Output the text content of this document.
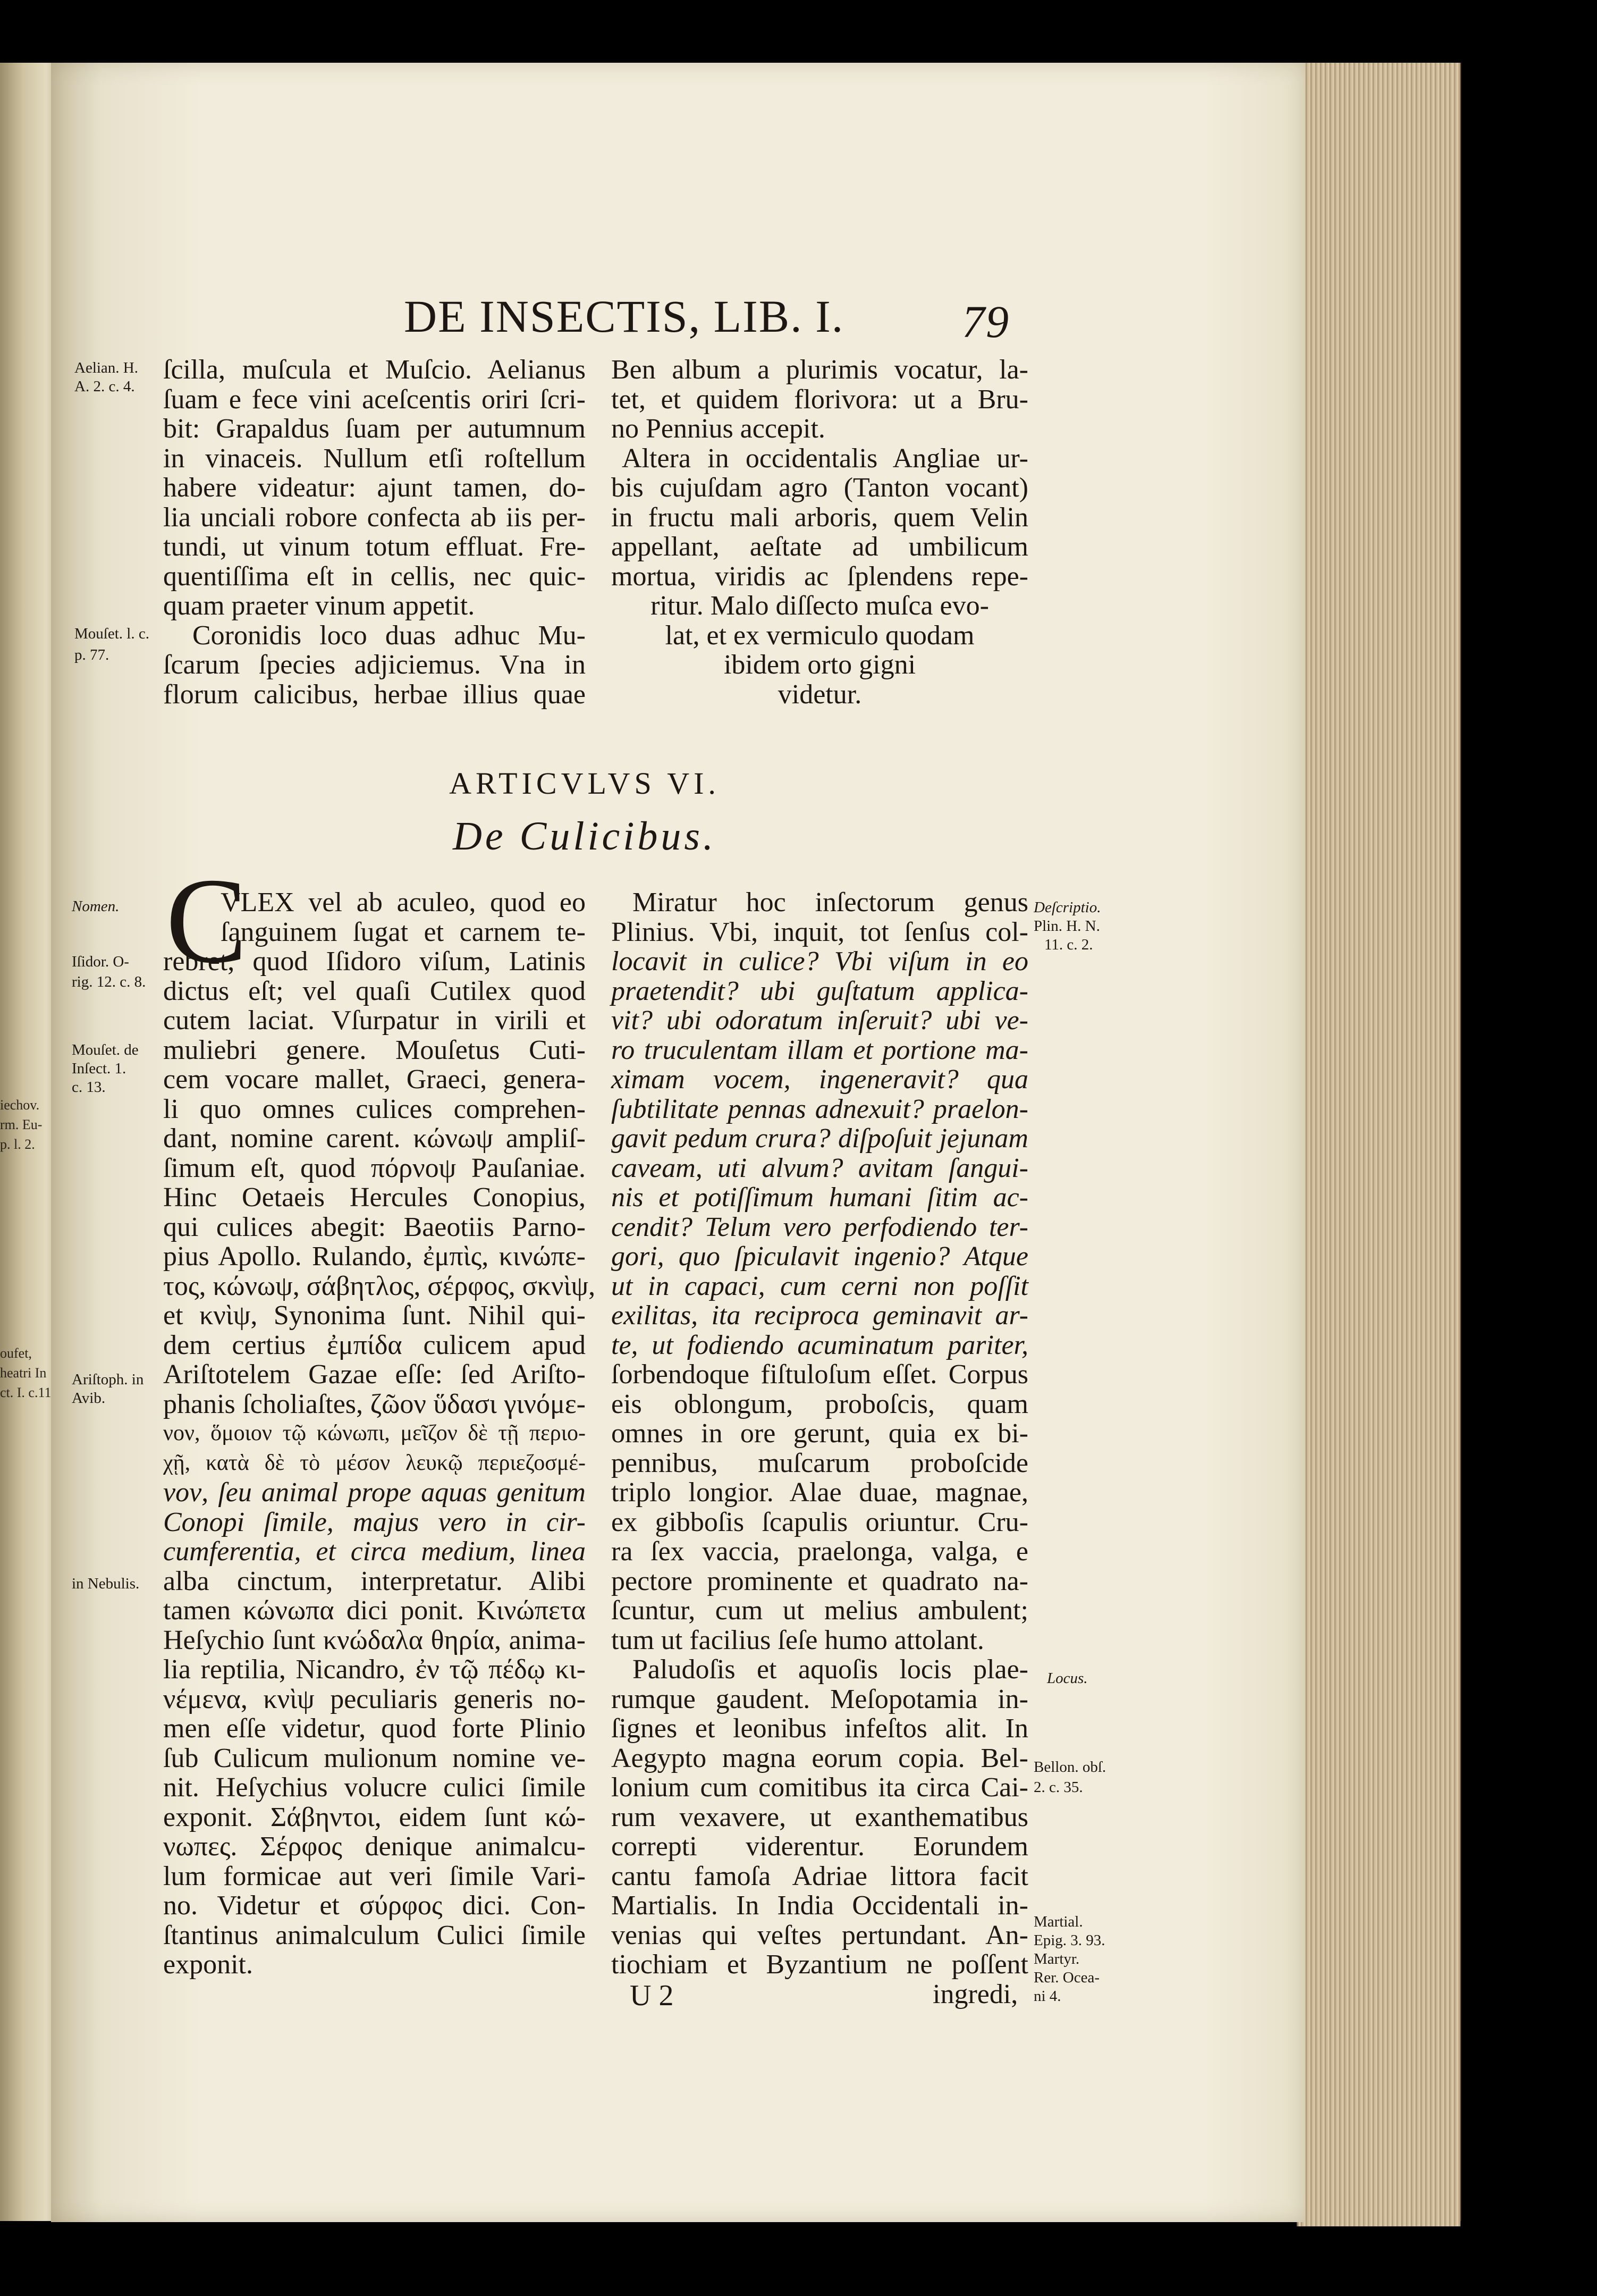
iechov.
rm. Eu-
p. l. 2.
oufet,
heatri In
ct. I. c.11
DE INSECTIS, LIB. I.	79
Aelian. H.
A. 2. c. 4.
Mouſet. l. c.
p. 77.
ſcilla, muſcula et Muſcio. Aelianus
ſuam e fece vini aceſcentis oriri ſcri-
bit: Grapaldus ſuam per autumnum
in vinaceis. Nullum etſi roſtellum
habere videatur: ajunt tamen, do-
lia unciali robore confecta ab iis per-
tundi, ut vinum totum effluat. Fre-
quentiſſima eſt in cellis, nec quic-
quam praeter vinum appetit.
Coronidis loco duas adhuc Mu-
ſcarum ſpecies adjiciemus. Vna in
florum calicibus, herbae illius quae
Ben album a plurimis vocatur, la-
tet, et quidem florivora: ut a Bru-
no Pennius accepit.
Altera in occidentalis Angliae ur-
bis cujuſdam agro (Tanton vocant)
in fructu mali arboris, quem Velin
appellant, aeſtate ad umbilicum
mortua, viridis ac ſplendens repe-
ritur. Malo diſſecto muſca evo-
lat, et ex vermiculo quodam
ibidem orto gigni
videtur.
ARTICVLVS VI.
De Culicibus.
Nomen.
Iſidor. O-
rig. 12. c. 8.
Mouſet. de
Inſect. 1.
c. 13.
Ariſtoph. in
Avib.
in Nebulis.
C
VLEX vel ab aculeo, quod eo
ſanguinem ſugat et carnem te-
rebret, quod Iſidoro viſum, Latinis
dictus eſt; vel quaſi Cutilex quod
cutem laciat. Vſurpatur in virili et
muliebri genere. Mouſetus Cuti-
cem vocare mallet, Graeci, genera-
li quo omnes culices comprehen-
dant, nomine carent. κώνωψ ampliſ-
ſimum eſt, quod πόρνοψ Pauſaniae.
Hinc Oetaeis Hercules Conopius,
qui culices abegit: Baeotiis Parno-
pius Apollo. Rulando, ἐμπὶς, κινώπε-
τος, κώνωψ, σάβητλος, σέρφος, σκνὶψ,
et κνὶψ, Synonima ſunt. Nihil qui-
dem certius ἐμπίδα culicem apud
Ariſtotelem Gazae eſſe: ſed Ariſto-
phanis ſcholiaſtes, ζῶον ὕδασι γινόμε-
νον, ὅμοιον τῷ κώνωπι, μεῖζον δὲ τῇ περιο-
χῇ, κατὰ δὲ τὸ μέσον λευκῷ περιεζοσμέ-
νον, ſeu animal prope aquas genitum
Conopi ſimile, majus vero in cir-
cumferentia, et circa medium, linea
alba cinctum, interpretatur. Alibi
tamen κώνωπα dici ponit. Κινώπετα
Heſychio ſunt κνώδαλα θηρία, anima-
lia reptilia, Nicandro, ἐν τῷ πέδῳ κι-
νέμενα, κνὶψ peculiaris generis no-
men eſſe videtur, quod forte Plinio
ſub Culicum mulionum nomine ve-
nit. Heſychius volucre culici ſimile
exponit. Σάβηντοι, eidem ſunt κώ-
νωπες. Σέρφος denique animalcu-
lum formicae aut veri ſimile Vari-
no. Videtur et σύρφος dici. Con-
ſtantinus animalculum Culici ſimile
exponit.
Miratur hoc inſectorum genus
Plinius. Vbi, inquit, tot ſenſus col-
locavit in culice? Vbi viſum in eo
praetendit? ubi guſtatum applica-
vit? ubi odoratum inſeruit? ubi ve-
ro truculentam illam et portione ma-
ximam vocem, ingeneravit? qua
ſubtilitate pennas adnexuit? praelon-
gavit pedum crura? diſpoſuit jejunam
caveam, uti alvum? avitam ſangui-
nis et potiſſimum humani ſitim ac-
cendit? Telum vero perfodiendo ter-
gori, quo ſpiculavit ingenio? Atque
ut in capaci, cum cerni non poſſit
exilitas, ita reciproca geminavit ar-
te, ut fodiendo acuminatum pariter,
ſorbendoque fiſtuloſum eſſet. Corpus
eis oblongum, proboſcis, quam
omnes in ore gerunt, quia ex bi-
pennibus, muſcarum proboſcide
triplo longior. Alae duae, magnae,
ex gibboſis ſcapulis oriuntur. Cru-
ra ſex vaccia, praelonga, valga, e
pectore prominente et quadrato na-
ſcuntur, cum ut melius ambulent;
tum ut facilius ſeſe humo attolant.
Paludoſis et aquoſis locis plae-
rumque gaudent. Meſopotamia in-
ſignes et leonibus infeſtos alit. In
Aegypto magna eorum copia. Bel-
lonium cum comitibus ita circa Cai-
rum vexavere, ut exanthematibus
correpti viderentur. Eorundem
cantu famoſa Adriae littora facit
Martialis. In India Occidentali in-
venias qui veſtes pertundant. An-
tiochiam et Byzantium ne poſſent
ingredi,
Deſcriptio.
Plin. H. N.
11. c. 2.
Locus.
Bellon. obſ.
2. c. 35.
Martial.
Epig. 3. 93.
Martyr.
Rer. Ocea-
ni 4.
U 2
